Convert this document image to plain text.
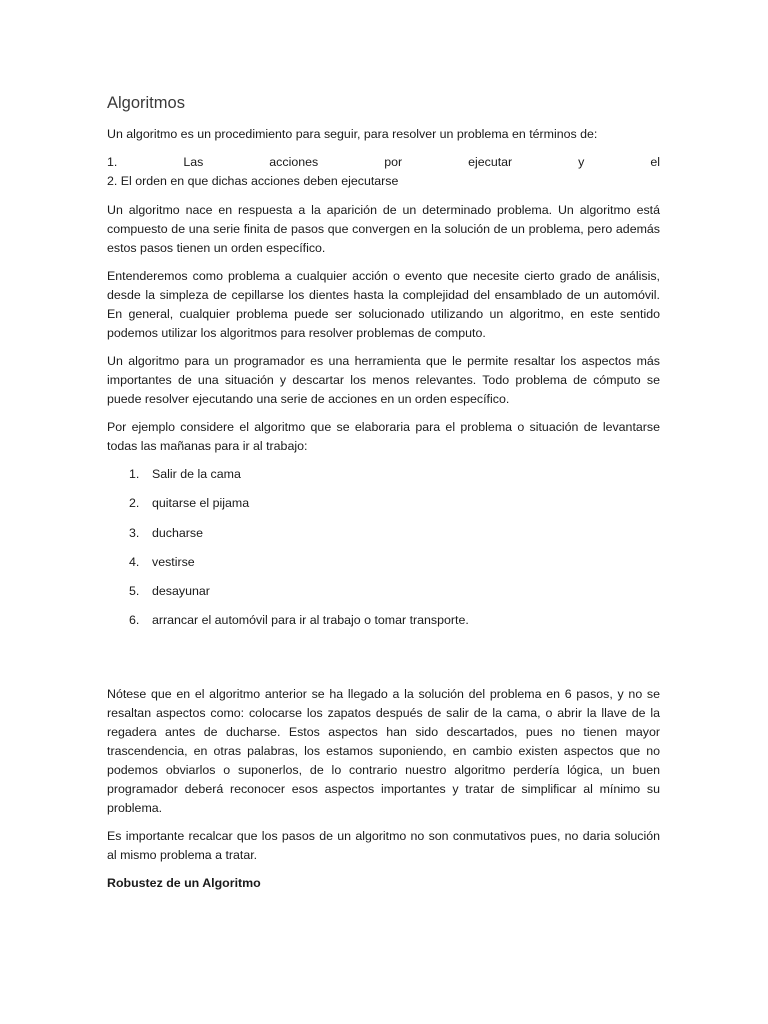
Algoritmos

Un algoritmo es un procedimiento para seguir, para resolver un problema en términos de:

1. Las acciones por ejecutar y el

2. El orden en que dichas acciones deben ejecutarse

Un algoritmo nace en respuesta a la aparición de un determinado problema. Un algoritmo está compuesto de una serie finita de pasos que convergen en la solución de un problema, pero además estos pasos tienen un orden específico.

Entenderemos como problema a cualquier acción o evento que necesite cierto grado de análisis, desde la simpleza de cepillarse los dientes hasta la complejidad del ensamblado de un automóvil. En general, cualquier problema puede ser solucionado utilizando un algoritmo, en este sentido podemos utilizar los algoritmos para resolver problemas de computo.

Un algoritmo para un programador es una herramienta que le permite resaltar los aspectos más importantes de una situación y descartar los menos relevantes. Todo problema de cómputo se puede resolver ejecutando una serie de acciones en un orden específico.

Por ejemplo considere el algoritmo que se elaboraria para el problema o situación de levantarse todas las mañanas para ir al trabajo:

1.	Salir de la cama
2.	quitarse el pijama
3.	ducharse
4.	vestirse
5.	desayunar
6.	arrancar el automóvil para ir al trabajo o tomar transporte.

Nótese que en el algoritmo anterior se ha llegado a la solución del problema en 6 pasos, y no se resaltan aspectos como: colocarse los zapatos después de salir de la cama, o abrir la llave de la regadera antes de ducharse. Estos aspectos han sido descartados, pues no tienen mayor trascendencia, en otras palabras, los estamos suponiendo, en cambio existen aspectos que no podemos obviarlos o suponerlos, de lo contrario nuestro algoritmo perdería lógica, un buen programador deberá reconocer esos aspectos importantes y tratar de simplificar al mínimo su problema.

Es importante recalcar que los pasos de un algoritmo no son conmutativos pues, no daria solución al mismo problema a tratar.

Robustez de un Algoritmo
